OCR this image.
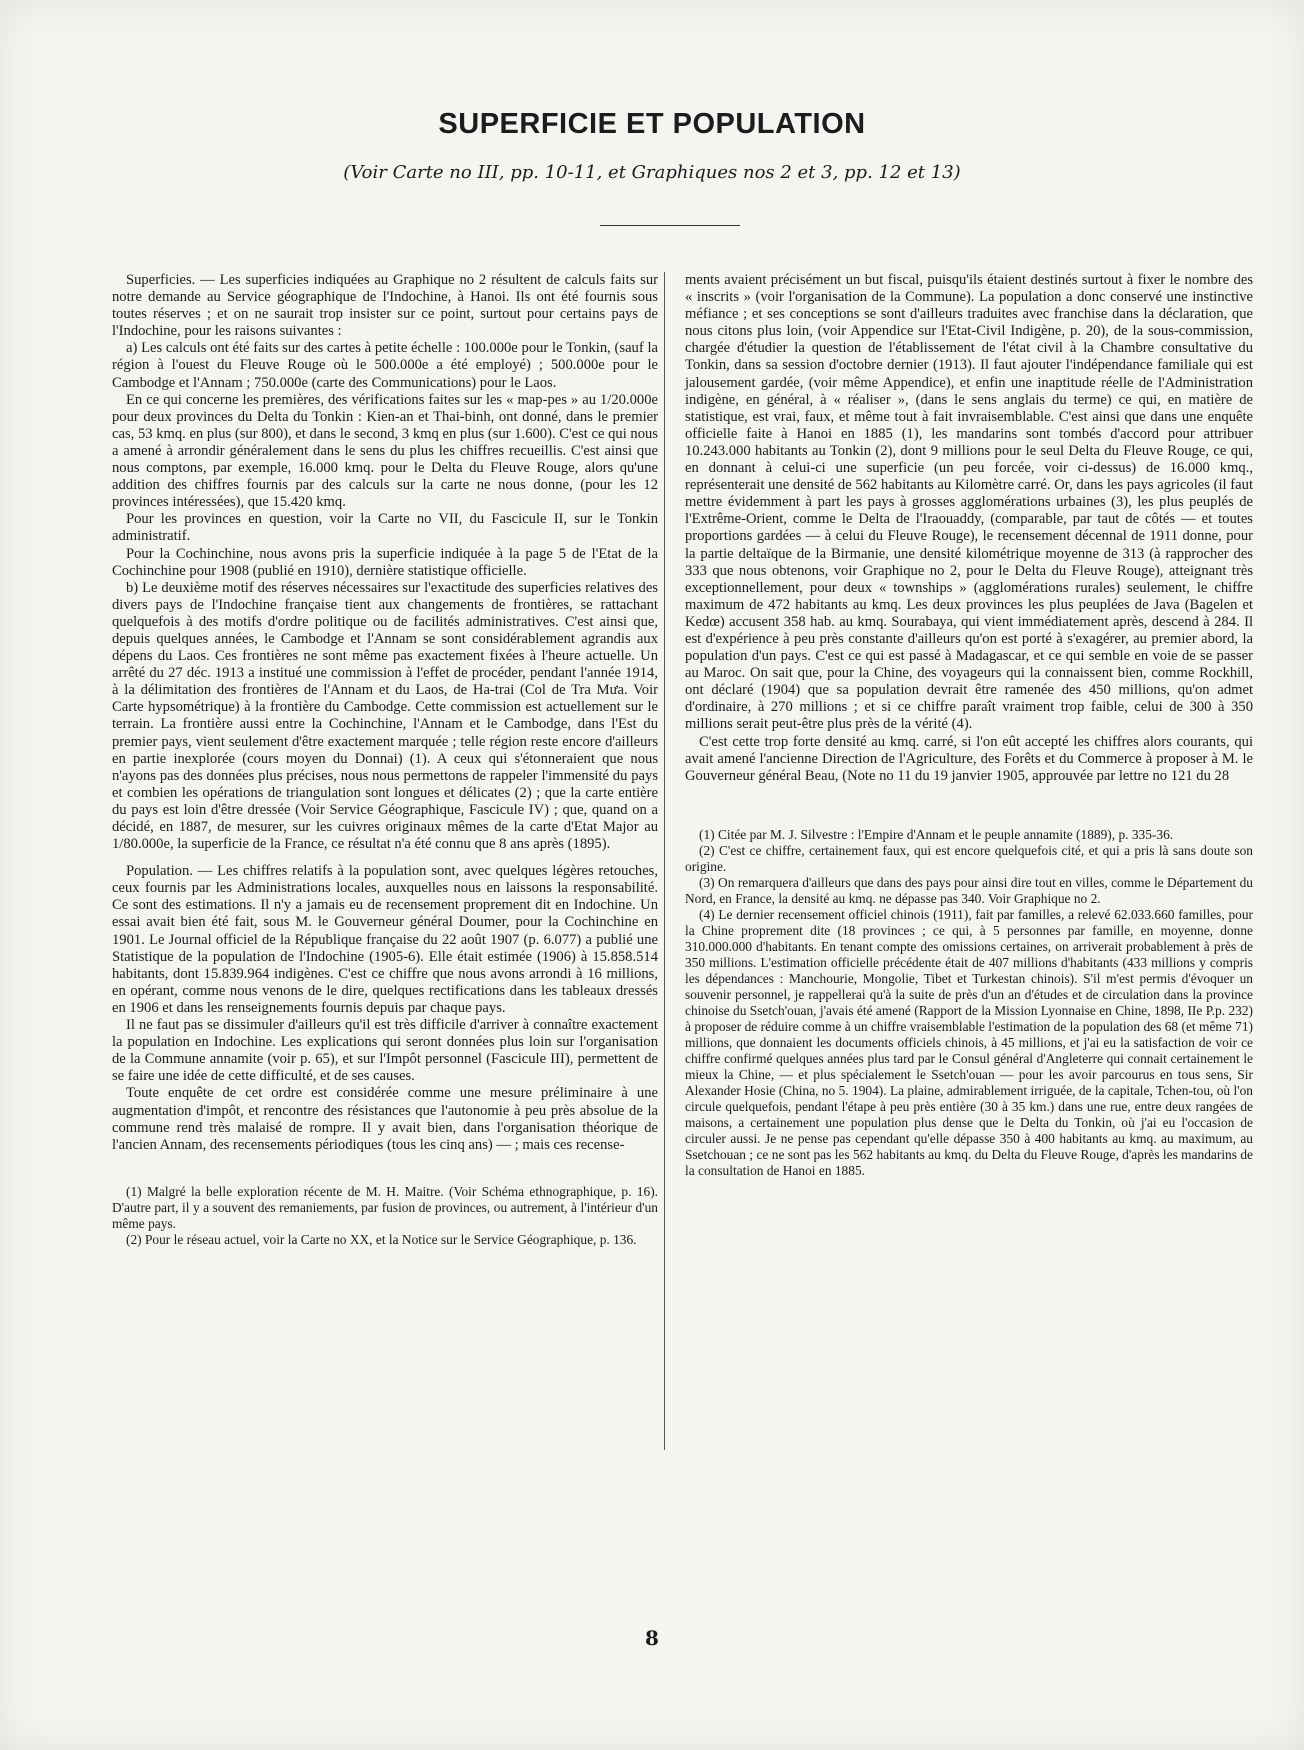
SUPERFICIE ET POPULATION
(Voir Carte no III, pp. 10-11, et Graphiques nos 2 et 3, pp. 12 et 13)

Superficies. — Les superficies indiquées au Graphique no 2 résultent de calculs faits sur notre demande au Service géographique de l'Indochine, à Hanoi. Ils ont été fournis sous toutes réserves ; et on ne saurait trop insister sur ce point, surtout pour certains pays de l'Indochine, pour les raisons suivantes :

a) Les calculs ont été faits sur des cartes à petite échelle : 100.000e pour le Tonkin, (sauf la région à l'ouest du Fleuve Rouge où le 500.000e a été employé) ; 500.000e pour le Cambodge et l'Annam ; 750.000e (carte des Communications) pour le Laos.

En ce qui concerne les premières, des vérifications faites sur les « map-pes » au 1/20.000e pour deux provinces du Delta du Tonkin : Kien-an et Thai-binh, ont donné, dans le premier cas, 53 kmq. en plus (sur 800), et dans le second, 3 kmq en plus (sur 1.600). C'est ce qui nous a amené à arrondir généralement dans le sens du plus les chiffres recueillis. C'est ainsi que nous comptons, par exemple, 16.000 kmq. pour le Delta du Fleuve Rouge, alors qu'une addition des chiffres fournis par des calculs sur la carte ne nous donne, (pour les 12 provinces intéressées), que 15.420 kmq.

Pour les provinces en question, voir la Carte no VII, du Fascicule II, sur le Tonkin administratif.

Pour la Cochinchine, nous avons pris la superficie indiquée à la page 5 de l'Etat de la Cochinchine pour 1908 (publié en 1910), dernière statistique officielle.

b) Le deuxième motif des réserves nécessaires sur l'exactitude des superficies relatives des divers pays de l'Indochine française tient aux changements de frontières, se rattachant quelquefois à des motifs d'ordre politique ou de facilités administratives. C'est ainsi que, depuis quelques années, le Cambodge et l'Annam se sont considérablement agrandis aux dépens du Laos. Ces frontières ne sont même pas exactement fixées à l'heure actuelle. Un arrêté du 27 déc. 1913 a institué une commission à l'effet de procéder, pendant l'année 1914, à la délimitation des frontières de l'Annam et du Laos, de Ha-trai (Col de Tra Mưa. Voir Carte hypsométrique) à la frontière du Cambodge. Cette commission est actuellement sur le terrain. La frontière aussi entre la Cochinchine, l'Annam et le Cambodge, dans l'Est du premier pays, vient seulement d'être exactement marquée ; telle région reste encore d'ailleurs en partie inexplorée (cours moyen du Donnai) (1). A ceux qui s'étonneraient que nous n'ayons pas des données plus précises, nous nous permettons de rappeler l'immensité du pays et combien les opérations de triangulation sont longues et délicates (2) ; que la carte entière du pays est loin d'être dressée (Voir Service Géographique, Fascicule IV) ; que, quand on a décidé, en 1887, de mesurer, sur les cuivres originaux mêmes de la carte d'Etat Major au 1/80.000e, la superficie de la France, ce résultat n'a été connu que 8 ans après (1895).

Population. — Les chiffres relatifs à la population sont, avec quelques légères retouches, ceux fournis par les Administrations locales, auxquelles nous en laissons la responsabilité. Ce sont des estimations. Il n'y a jamais eu de recensement proprement dit en Indochine. Un essai avait bien été fait, sous M. le Gouverneur général Doumer, pour la Cochinchine en 1901. Le Journal officiel de la République française du 22 août 1907 (p. 6.077) a publié une Statistique de la population de l'Indochine (1905-6). Elle était estimée (1906) à 15.858.514 habitants, dont 15.839.964 indigènes. C'est ce chiffre que nous avons arrondi à 16 millions, en opérant, comme nous venons de le dire, quelques rectifications dans les tableaux dressés en 1906 et dans les renseignements fournis depuis par chaque pays.

Il ne faut pas se dissimuler d'ailleurs qu'il est très difficile d'arriver à connaître exactement la population en Indochine. Les explications qui seront données plus loin sur l'organisation de la Commune annamite (voir p. 65), et sur l'Impôt personnel (Fascicule III), permettent de se faire une idée de cette difficulté, et de ses causes.

Toute enquête de cet ordre est considérée comme une mesure préliminaire à une augmentation d'impôt, et rencontre des résistances que l'autonomie à peu près absolue de la commune rend très malaisé de rompre. Il y avait bien, dans l'organisation théorique de l'ancien Annam, des recensements périodiques (tous les cinq ans) — ; mais ces recense-

(1) Malgré la belle exploration récente de M. H. Maitre. (Voir Schéma ethnographique, p. 16). D'autre part, il y a souvent des remaniements, par fusion de provinces, ou autrement, à l'intérieur d'un même pays.

(2) Pour le réseau actuel, voir la Carte no XX, et la Notice sur le Service Géographique, p. 136.

ments avaient précisément un but fiscal, puisqu'ils étaient destinés surtout à fixer le nombre des « inscrits » (voir l'organisation de la Commune). La population a donc conservé une instinctive méfiance ; et ses conceptions se sont d'ailleurs traduites avec franchise dans la déclaration, que nous citons plus loin, (voir Appendice sur l'Etat-Civil Indigène, p. 20), de la sous-commission, chargée d'étudier la question de l'établissement de l'état civil à la Chambre consultative du Tonkin, dans sa session d'octobre dernier (1913). Il faut ajouter l'indépendance familiale qui est jalousement gardée, (voir même Appendice), et enfin une inaptitude réelle de l'Administration indigène, en général, à « réaliser », (dans le sens anglais du terme) ce qui, en matière de statistique, est vrai, faux, et même tout à fait invraisemblable. C'est ainsi que dans une enquête officielle faite à Hanoi en 1885 (1), les mandarins sont tombés d'accord pour attribuer 10.243.000 habitants au Tonkin (2), dont 9 millions pour le seul Delta du Fleuve Rouge, ce qui, en donnant à celui-ci une superficie (un peu forcée, voir ci-dessus) de 16.000 kmq., représenterait une densité de 562 habitants au Kilomètre carré. Or, dans les pays agricoles (il faut mettre évidemment à part les pays à grosses agglomérations urbaines (3), les plus peuplés de l'Extrême-Orient, comme le Delta de l'Iraouaddy, (comparable, par taut de côtés — et toutes proportions gardées — à celui du Fleuve Rouge), le recensement décennal de 1911 donne, pour la partie deltaïque de la Birmanie, une densité kilométrique moyenne de 313 (à rapprocher des 333 que nous obtenons, voir Graphique no 2, pour le Delta du Fleuve Rouge), atteignant très exceptionnellement, pour deux « townships » (agglomérations rurales) seulement, le chiffre maximum de 472 habitants au kmq. Les deux provinces les plus peuplées de Java (Bagelen et Kedœ) accusent 358 hab. au kmq. Sourabaya, qui vient immédiatement après, descend à 284. Il est d'expérience à peu près constante d'ailleurs qu'on est porté à s'exagérer, au premier abord, la population d'un pays. C'est ce qui est passé à Madagascar, et ce qui semble en voie de se passer au Maroc. On sait que, pour la Chine, des voyageurs qui la connaissent bien, comme Rockhill, ont déclaré (1904) que sa population devrait être ramenée des 450 millions, qu'on admet d'ordinaire, à 270 millions ; et si ce chiffre paraît vraiment trop faible, celui de 300 à 350 millions serait peut-être plus près de la vérité (4).

C'est cette trop forte densité au kmq. carré, si l'on eût accepté les chiffres alors courants, qui avait amené l'ancienne Direction de l'Agriculture, des Forêts et du Commerce à proposer à M. le Gouverneur général Beau, (Note no 11 du 19 janvier 1905, approuvée par lettre no 121 du 28

(1) Citée par M. J. Silvestre : l'Empire d'Annam et le peuple annamite (1889), p. 335-36.

(2) C'est ce chiffre, certainement faux, qui est encore quelquefois cité, et qui a pris là sans doute son origine.

(3) On remarquera d'ailleurs que dans des pays pour ainsi dire tout en villes, comme le Département du Nord, en France, la densité au kmq. ne dépasse pas 340. Voir Graphique no 2.

(4) Le dernier recensement officiel chinois (1911), fait par familles, a relevé 62.033.660 familles, pour la Chine proprement dite (18 provinces ; ce qui, à 5 personnes par famille, en moyenne, donne 310.000.000 d'habitants. En tenant compte des omissions certaines, on arriverait probablement à près de 350 millions. L'estimation officielle précédente était de 407 millions d'habitants (433 millions y compris les dépendances : Manchourie, Mongolie, Tibet et Turkestan chinois). S'il m'est permis d'évoquer un souvenir personnel, je rappellerai qu'à la suite de près d'un an d'études et de circulation dans la province chinoise du Ssetch'ouan, j'avais été amené (Rapport de la Mission Lyonnaise en Chine, 1898, IIe P.p. 232) à proposer de réduire comme à un chiffre vraisemblable l'estimation de la population des 68 (et même 71) millions, que donnaient les documents officiels chinois, à 45 millions, et j'ai eu la satisfaction de voir ce chiffre confirmé quelques années plus tard par le Consul général d'Angleterre qui connait certainement le mieux la Chine, — et plus spécialement le Ssetch'ouan — pour les avoir parcourus en tous sens, Sir Alexander Hosie (China, no 5. 1904). La plaine, admirablement irriguée, de la capitale, Tchen-tou, où l'on circule quelquefois, pendant l'étape à peu près entière (30 à 35 km.) dans une rue, entre deux rangées de maisons, a certainement une population plus dense que le Delta du Tonkin, où j'ai eu l'occasion de circuler aussi. Je ne pense pas cependant qu'elle dépasse 350 à 400 habitants au kmq. au maximum, au Ssetchouan ; ce ne sont pas les 562 habitants au kmq. du Delta du Fleuve Rouge, d'après les mandarins de la consultation de Hanoi en 1885.

8
